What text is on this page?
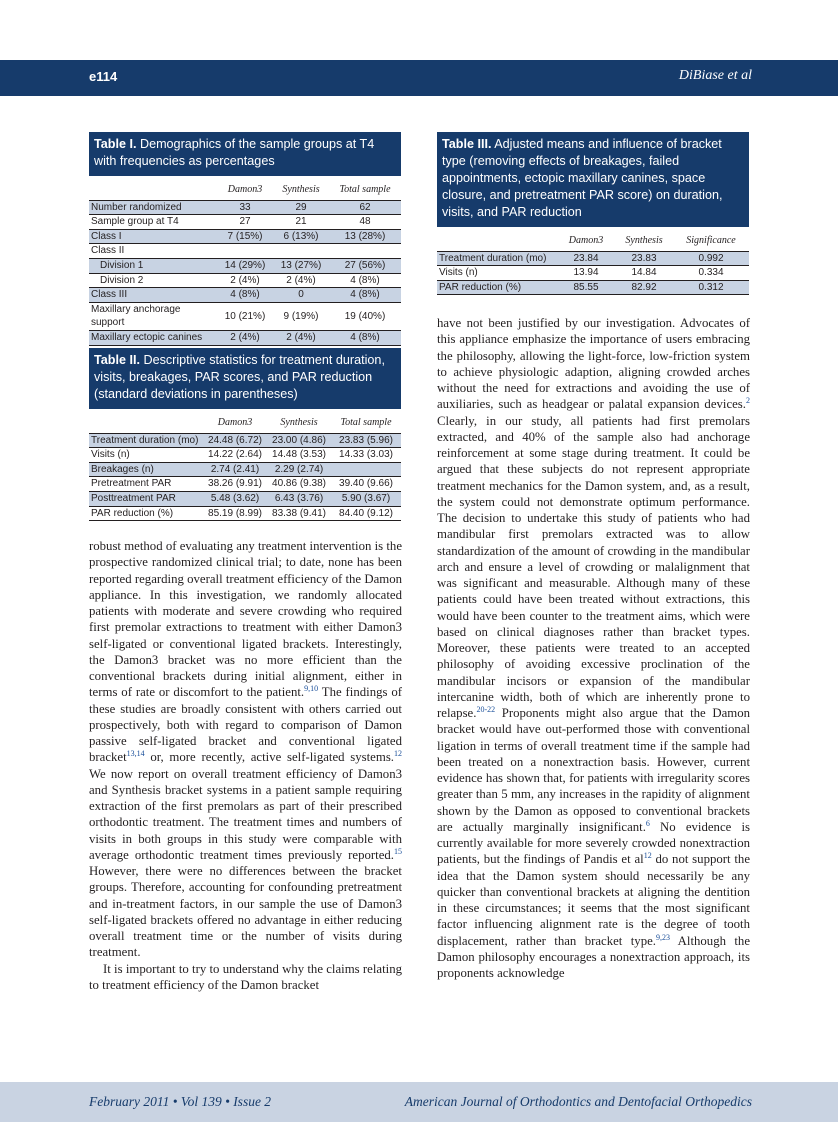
e114	DiBiase et al
Table I. Demographics of the sample groups at T4 with frequencies as percentages
	Damon3	Synthesis	Total sample
Number randomized	33	29	62
Sample group at T4	27	21	48
Class I	7 (15%)	6 (13%)	13 (28%)
Class II			
Division 1	14 (29%)	13 (27%)	27 (56%)
Division 2	2 (4%)	2 (4%)	4 (8%)
Class III	4 (8%)	0	4 (8%)
Maxillary anchorage support	10 (21%)	9 (19%)	19 (40%)
Maxillary ectopic canines	2 (4%)	2 (4%)	4 (8%)
Table II. Descriptive statistics for treatment duration, visits, breakages, PAR scores, and PAR reduction (standard deviations in parentheses)
	Damon3	Synthesis	Total sample
Treatment duration (mo)	24.48 (6.72)	23.00 (4.86)	23.83 (5.96)
Visits (n)	14.22 (2.64)	14.48 (3.53)	14.33 (3.03)
Breakages (n)	2.74 (2.41)	2.29 (2.74)	
Pretreatment PAR	38.26 (9.91)	40.86 (9.38)	39.40 (9.66)
Posttreatment PAR	5.48 (3.62)	6.43 (3.76)	5.90 (3.67)
PAR reduction (%)	85.19 (8.99)	83.38 (9.41)	84.40 (9.12)
Table III. Adjusted means and influence of bracket type (removing effects of breakages, failed appointments, ectopic maxillary canines, space closure, and pretreatment PAR score) on duration, visits, and PAR reduction
	Damon3	Synthesis	Significance
Treatment duration (mo)	23.84	23.83	0.992
Visits (n)	13.94	14.84	0.334
PAR reduction (%)	85.55	82.92	0.312

robust method of evaluating any treatment intervention is the prospective randomized clinical trial; to date, none has been reported regarding overall treatment efficiency of the Damon appliance. In this investigation, we randomly allocated patients with moderate and severe crowding who required first premolar extractions to treatment with either Damon3 self-ligated or conventional ligated brackets. Interestingly, the Damon3 bracket was no more efficient than the conventional brackets during initial alignment, either in terms of rate or discomfort to the patient.$^{9,10}$ The findings of these studies are broadly consistent with others carried out prospectively, both with regard to comparison of Damon passive self-ligated bracket and conventional ligated bracket$^{13,14}$ or, more recently, active self-ligated systems.$^{12}$ We now report on overall treatment efficiency of Damon3 and Synthesis bracket systems in a patient sample requiring extraction of the first premolars as part of their prescribed orthodontic treatment. The treatment times and numbers of visits in both groups in this study were comparable with average orthodontic treatment times previously reported.$^{15}$ However, there were no differences between the bracket groups. Therefore, accounting for confounding pretreatment and in-treatment factors, in our sample the use of Damon3 self-ligated brackets offered no advantage in either reducing overall treatment time or the number of visits during treatment.

It is important to try to understand why the claims relating to treatment efficiency of the Damon bracket

have not been justified by our investigation. Advocates of this appliance emphasize the importance of users embracing the philosophy, allowing the light-force, low-friction system to achieve physiologic adaption, aligning crowded arches without the need for extractions and avoiding the use of auxiliaries, such as headgear or palatal expansion devices.$^2$ Clearly, in our study, all patients had first premolars extracted, and 40% of the sample also had anchorage reinforcement at some stage during treatment. It could be argued that these subjects do not represent appropriate treatment mechanics for the Damon system, and, as a result, the system could not demonstrate optimum performance. The decision to undertake this study of patients who had mandibular first premolars extracted was to allow standardization of the amount of crowding in the mandibular arch and ensure a level of crowding or malalignment that was significant and measurable. Although many of these patients could have been treated without extractions, this would have been counter to the treatment aims, which were based on clinical diagnoses rather than bracket types. Moreover, these patients were treated to an accepted philosophy of avoiding excessive proclination of the mandibular incisors or expansion of the mandibular intercanine width, both of which are inherently prone to relapse.$^{20-22}$ Proponents might also argue that the Damon bracket would have out-performed those with conventional ligation in terms of overall treatment time if the sample had been treated on a nonextraction basis. However, current evidence has shown that, for patients with irregularity scores greater than 5 mm, any increases in the rapidity of alignment shown by the Damon as opposed to conventional brackets are actually marginally insignificant.$^6$ No evidence is currently available for more severely crowded nonextraction patients, but the findings of Pandis et $al^{12}$ do not support the idea that the Damon system should necessarily be any quicker than conventional brackets at aligning the dentition in these circumstances; it seems that the most significant factor influencing alignment rate is the degree of tooth displacement, rather than bracket type.$^{9,23}$ Although the Damon philosophy encourages a nonextraction approach, its proponents acknowledge

February 2011 • Vol 139 • Issue 2	American Journal of Orthodontics and Dentofacial Orthopedics
